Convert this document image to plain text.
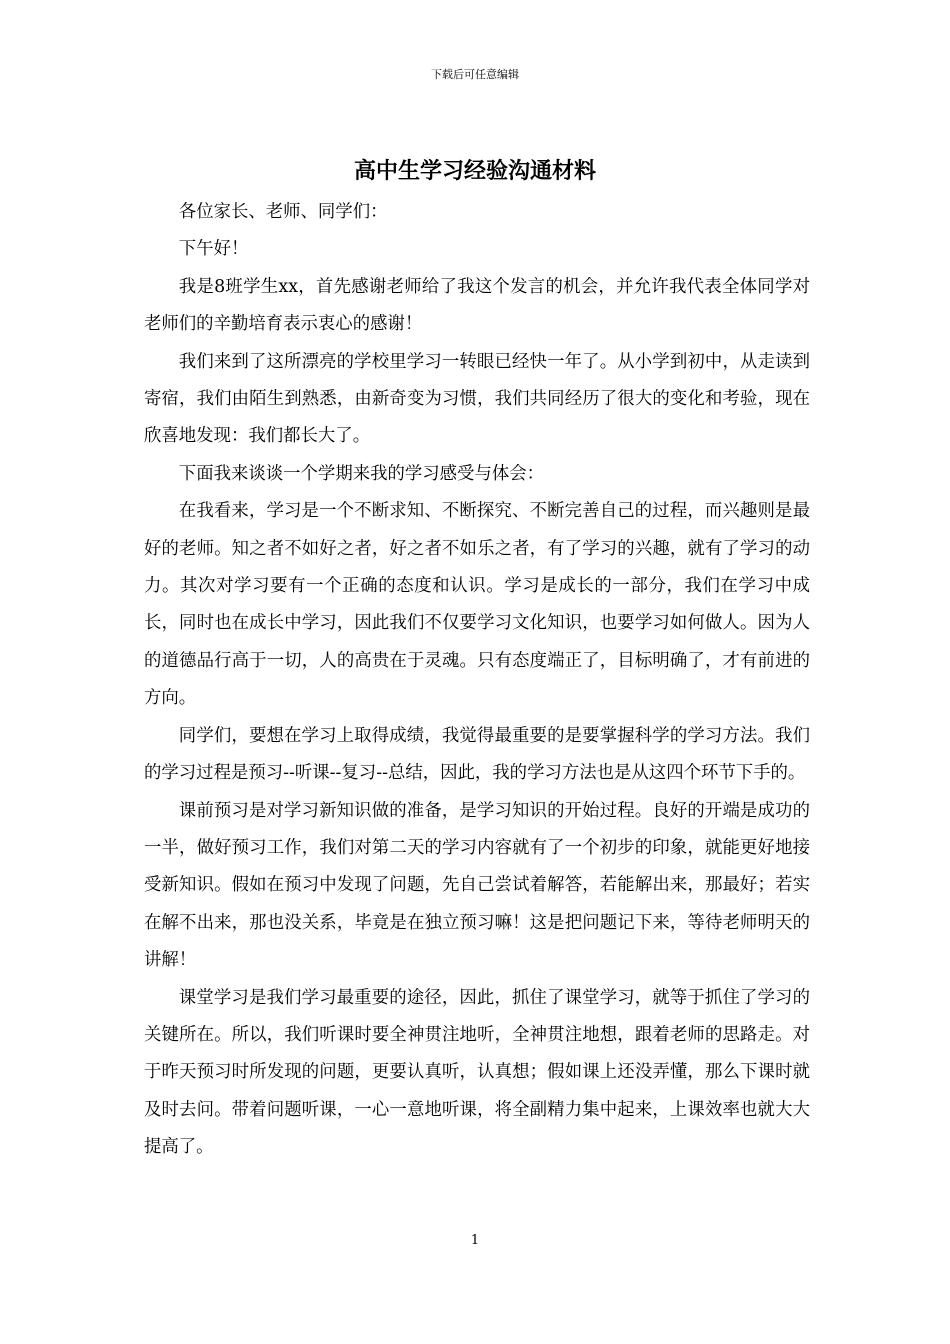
下载后可任意编辑
高中生学习经验沟通材料

各位家长、老师、同学们：

下午好！

我是8班学生xx，首先感谢老师给了我这个发言的机会，并允许我代表全体同学对老师们的辛勤培育表示衷心的感谢！

我们来到了这所漂亮的学校里学习一转眼已经快一年了。从小学到初中，从走读到寄宿，我们由陌生到熟悉，由新奇变为习惯，我们共同经历了很大的变化和考验，现在欣喜地发现：我们都长大了。

下面我来谈谈一个学期来我的学习感受与体会：

在我看来，学习是一个不断求知、不断探究、不断完善自己的过程，而兴趣则是最好的老师。知之者不如好之者，好之者不如乐之者，有了学习的兴趣，就有了学习的动力。其次对学习要有一个正确的态度和认识。学习是成长的一部分，我们在学习中成长，同时也在成长中学习，因此我们不仅要学习文化知识，也要学习如何做人。因为人的道德品行高于一切，人的高贵在于灵魂。只有态度端正了，目标明确了，才有前进的方向。

同学们，要想在学习上取得成绩，我觉得最重要的是要掌握科学的学习方法。我们的学习过程是预习--听课--复习--总结，因此，我的学习方法也是从这四个环节下手的。

课前预习是对学习新知识做的准备，是学习知识的开始过程。良好的开端是成功的一半，做好预习工作，我们对第二天的学习内容就有了一个初步的印象，就能更好地接受新知识。假如在预习中发现了问题，先自己尝试着解答，若能解出来，那最好；若实在解不出来，那也没关系，毕竟是在独立预习嘛！这是把问题记下来，等待老师明天的讲解！

课堂学习是我们学习最重要的途径，因此，抓住了课堂学习，就等于抓住了学习的关键所在。所以，我们听课时要全神贯注地听，全神贯注地想，跟着老师的思路走。对于昨天预习时所发现的问题，更要认真听，认真想；假如课上还没弄懂，那么下课时就及时去问。带着问题听课，一心一意地听课，将全副精力集中起来，上课效率也就大大提高了。

1
